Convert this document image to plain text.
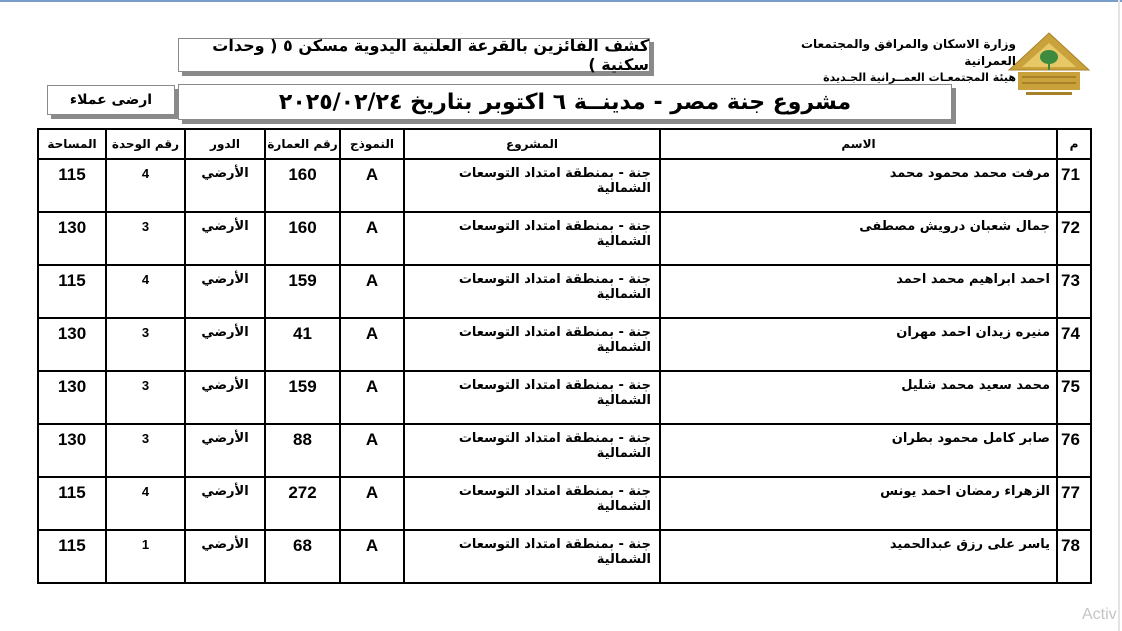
وزارة الاسكان والمرافق والمجتمعات العمرانية
هيئة المجتمعـات العمــرانية الجـديدة
كشف الفائزين بالقرعة العلنية اليدوية مسكن ٥ ( وحدات سكنية )
ارضى عملاء	مشروع جنة مصر - مدينــة ٦ اكتوبر بتاريخ ٢٠٢٥/٠٢/٢٤
المساحة	رقم الوحدة	الدور	رقم العمارة	النموذج	المشروع	الاسم	م
115	4	الأرضي	160	A	جنة - بمنطقة امتداد التوسعات الشمالية	مرفت محمد محمود محمد	71
130	3	الأرضي	160	A	جنة - بمنطقة امتداد التوسعات الشمالية	جمال شعبان درويش مصطفى	72
115	4	الأرضي	159	A	جنة - بمنطقة امتداد التوسعات الشمالية	احمد ابراهيم محمد احمد	73
130	3	الأرضي	41	A	جنة - بمنطقة امتداد التوسعات الشمالية	منيره زيدان احمد مهران	74
130	3	الأرضي	159	A	جنة - بمنطقة امتداد التوسعات الشمالية	محمد سعيد محمد شليل	75
130	3	الأرضي	88	A	جنة - بمنطقة امتداد التوسعات الشمالية	صابر كامل محمود بطران	76
115	4	الأرضي	272	A	جنة - بمنطقة امتداد التوسعات الشمالية	الزهراء رمضان احمد يونس	77
115	1	الأرضي	68	A	جنة - بمنطقة امتداد التوسعات الشمالية	ياسر على رزق عبدالحميد	78
Activ
